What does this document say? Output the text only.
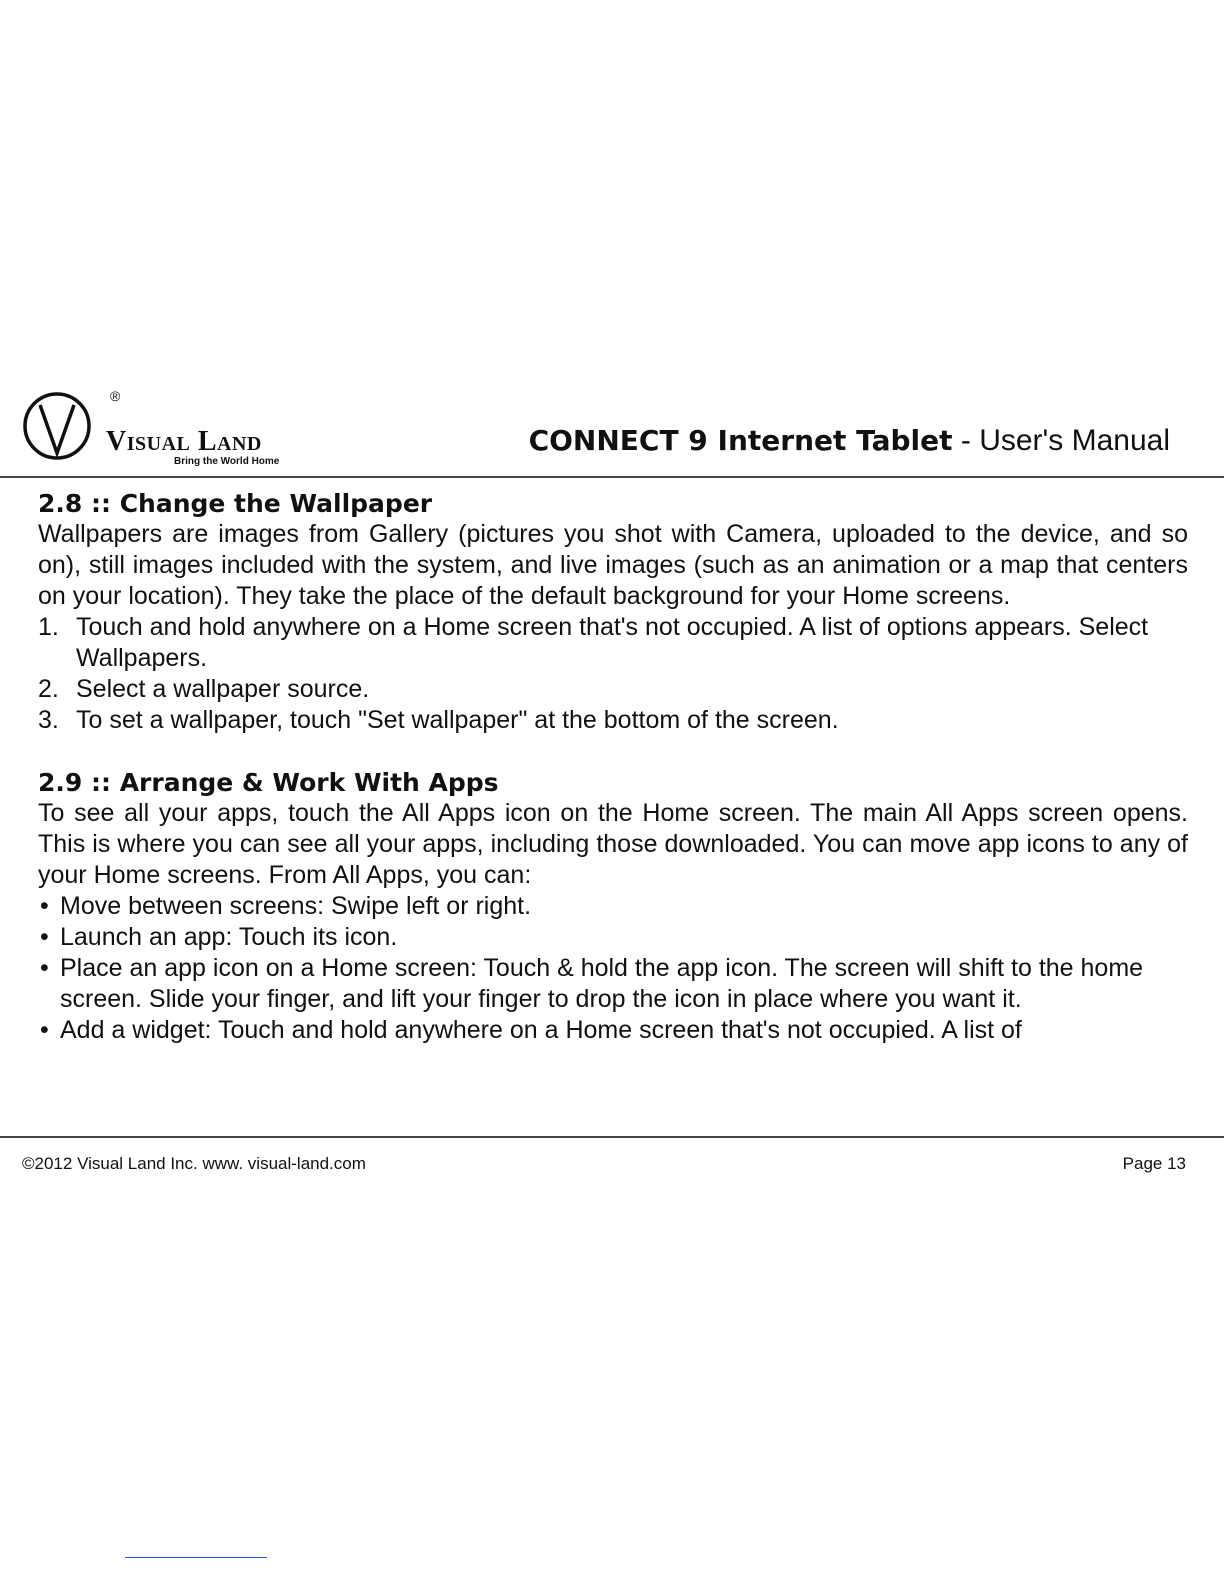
®

Visual Land

Bring the World Home
CONNECT 9 Internet Tablet - User's Manual
2.8 :: Change the Wallpaper

Wallpapers are images from Gallery (pictures you shot with Camera, uploaded to the device, and so on), still images included with the system, and live images (such as an animation or a map that centers on your location). They take the place of the default background for your Home screens.

1. Touch and hold anywhere on a Home screen that's not occupied. A list of options appears. Select Wallpapers.
2. Select a wallpaper source.
3. To set a wallpaper, touch "Set wallpaper" at the bottom of the screen.
2.9 :: Arrange & Work With Apps

To see all your apps, touch the All Apps icon on the Home screen. The main All Apps screen opens. This is where you can see all your apps, including those downloaded. You can move app icons to any of your Home screens. From All Apps, you can:

• Move between screens: Swipe left or right.
• Launch an app: Touch its icon.
• Place an app icon on a Home screen: Touch & hold the app icon. The screen will shift to the home screen. Slide your finger, and lift your finger to drop the icon in place where you want it.
• Add a widget: Touch and hold anywhere on a Home screen that's not occupied. A list of
©2012 Visual Land Inc. www. visual-land.com	Page 13
